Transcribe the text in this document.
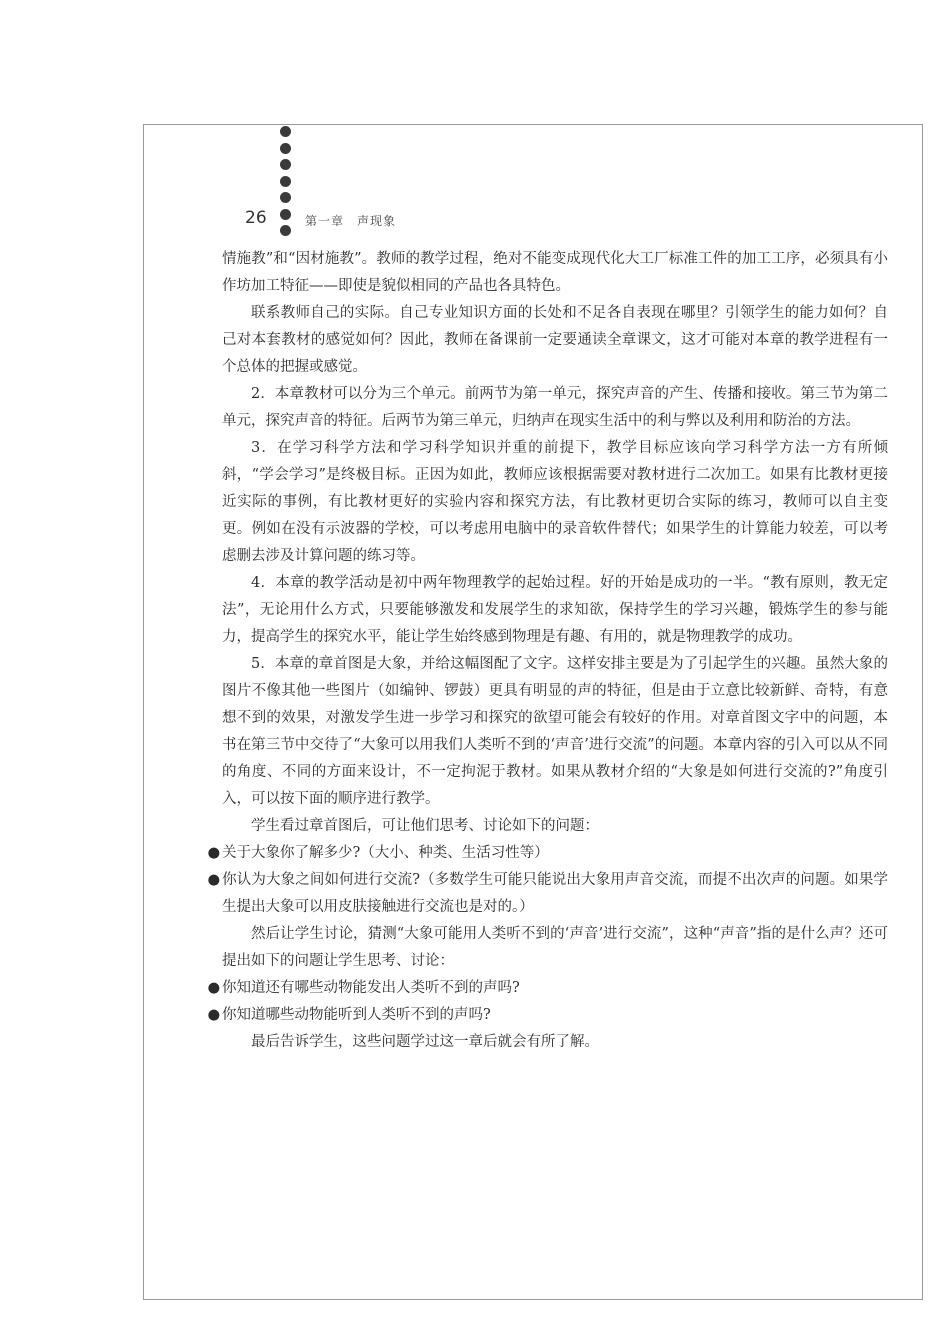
26	第一章　声现象

情施教”和“因材施教”。教师的教学过程，绝对不能变成现代化大工厂标准工件的加工工序，必须具有小作坊加工特征——即使是貌似相同的产品也各具特色。

联系教师自己的实际。自己专业知识方面的长处和不足各自表现在哪里？引领学生的能力如何？自己对本套教材的感觉如何？因此，教师在备课前一定要通读全章课文，这才可能对本章的教学进程有一个总体的把握或感觉。

2．本章教材可以分为三个单元。前两节为第一单元，探究声音的产生、传播和接收。第三节为第二单元，探究声音的特征。后两节为第三单元，归纳声在现实生活中的利与弊以及利用和防治的方法。

3．在学习科学方法和学习科学知识并重的前提下，教学目标应该向学习科学方法一方有所倾斜，“学会学习”是终极目标。正因为如此，教师应该根据需要对教材进行二次加工。如果有比教材更接近实际的事例，有比教材更好的实验内容和探究方法，有比教材更切合实际的练习，教师可以自主变更。例如在没有示波器的学校，可以考虑用电脑中的录音软件替代；如果学生的计算能力较差，可以考虑删去涉及计算问题的练习等。

4．本章的教学活动是初中两年物理教学的起始过程。好的开始是成功的一半。“教有原则，教无定法”，无论用什么方式，只要能够激发和发展学生的求知欲，保持学生的学习兴趣，锻炼学生的参与能力，提高学生的探究水平，能让学生始终感到物理是有趣、有用的，就是物理教学的成功。

5．本章的章首图是大象，并给这幅图配了文字。这样安排主要是为了引起学生的兴趣。虽然大象的图片不像其他一些图片（如编钟、锣鼓）更具有明显的声的特征，但是由于立意比较新鲜、奇特，有意想不到的效果，对激发学生进一步学习和探究的欲望可能会有较好的作用。对章首图文字中的问题，本书在第三节中交待了“大象可以用我们人类听不到的‘声音’进行交流”的问题。本章内容的引入可以从不同的角度、不同的方面来设计，不一定拘泥于教材。如果从教材介绍的“大象是如何进行交流的?”角度引入，可以按下面的顺序进行教学。

学生看过章首图后，可让他们思考、讨论如下的问题：

● 关于大象你了解多少?（大小、种类、生活习性等）

● 你认为大象之间如何进行交流?（多数学生可能只能说出大象用声音交流，而提不出次声的问题。如果学生提出大象可以用皮肤接触进行交流也是对的。）

然后让学生讨论，猜测“大象可能用人类听不到的‘声音’进行交流”，这种“声音”指的是什么声？还可提出如下的问题让学生思考、讨论：

● 你知道还有哪些动物能发出人类听不到的声吗?

● 你知道哪些动物能听到人类听不到的声吗?

最后告诉学生，这些问题学过这一章后就会有所了解。
